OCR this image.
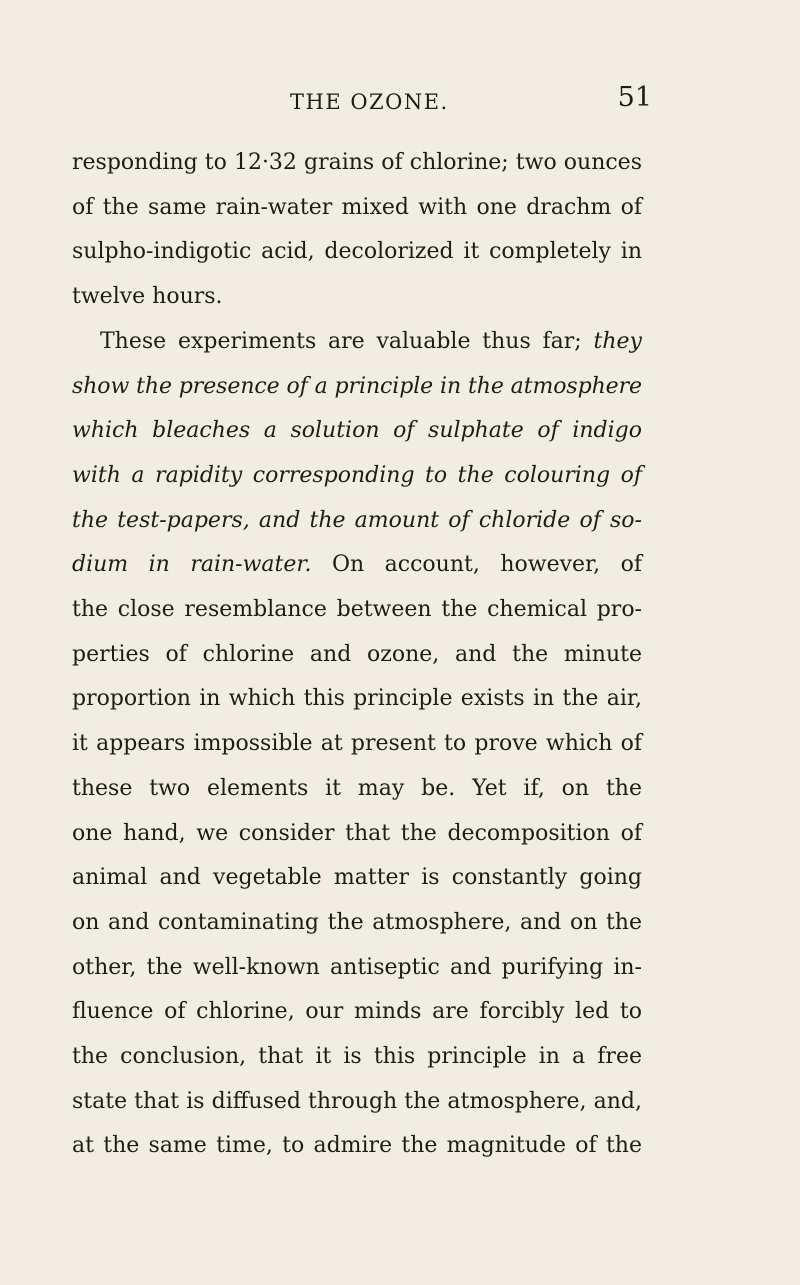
THE OZONE.	51
responding to 12·32 grains of chlorine; two ounces
of the same rain-water mixed with one drachm of
sulpho-indigotic acid, decolorized it completely in
twelve hours.
These experiments are valuable thus far; they
show the presence of a principle in the atmosphere
which bleaches a solution of sulphate of indigo
with a rapidity corresponding to the colouring of
the test-papers, and the amount of chloride of so-
dium in rain-water. On account, however, of
the close resemblance between the chemical pro-
perties of chlorine and ozone, and the minute
proportion in which this principle exists in the air,
it appears impossible at present to prove which of
these two elements it may be. Yet if, on the
one hand, we consider that the decomposition of
animal and vegetable matter is constantly going
on and contaminating the atmosphere, and on the
other, the well-known antiseptic and purifying in-
fluence of chlorine, our minds are forcibly led to
the conclusion, that it is this principle in a free
state that is diffused through the atmosphere, and,
at the same time, to admire the magnitude of the
